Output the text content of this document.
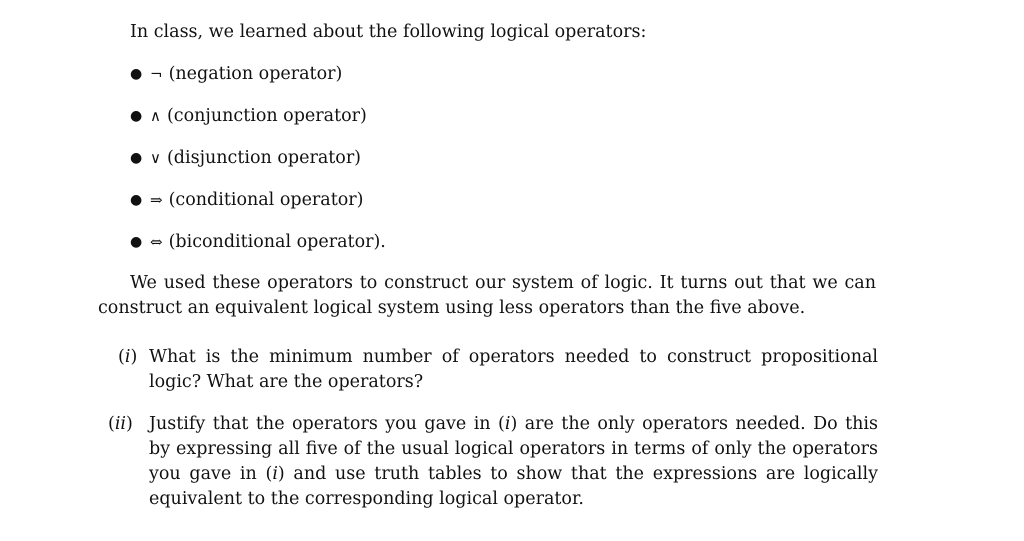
In class, we learned about the following logical operators:
● ¬ (negation operator)
● ∧ (conjunction operator)
● ∨ (disjunction operator)
● ⇒ (conditional operator)
● ⇔ (biconditional operator).
We used these operators to construct our system of logic. It turns out that we can construct an equivalent logical system using less operators than the five above.
(i) What is the minimum number of operators needed to construct propositional logic? What are the operators?
(ii) Justify that the operators you gave in (i) are the only operators needed. Do this by expressing all five of the usual logical operators in terms of only the operators you gave in (i) and use truth tables to show that the expressions are logically equivalent to the corresponding logical operator.
